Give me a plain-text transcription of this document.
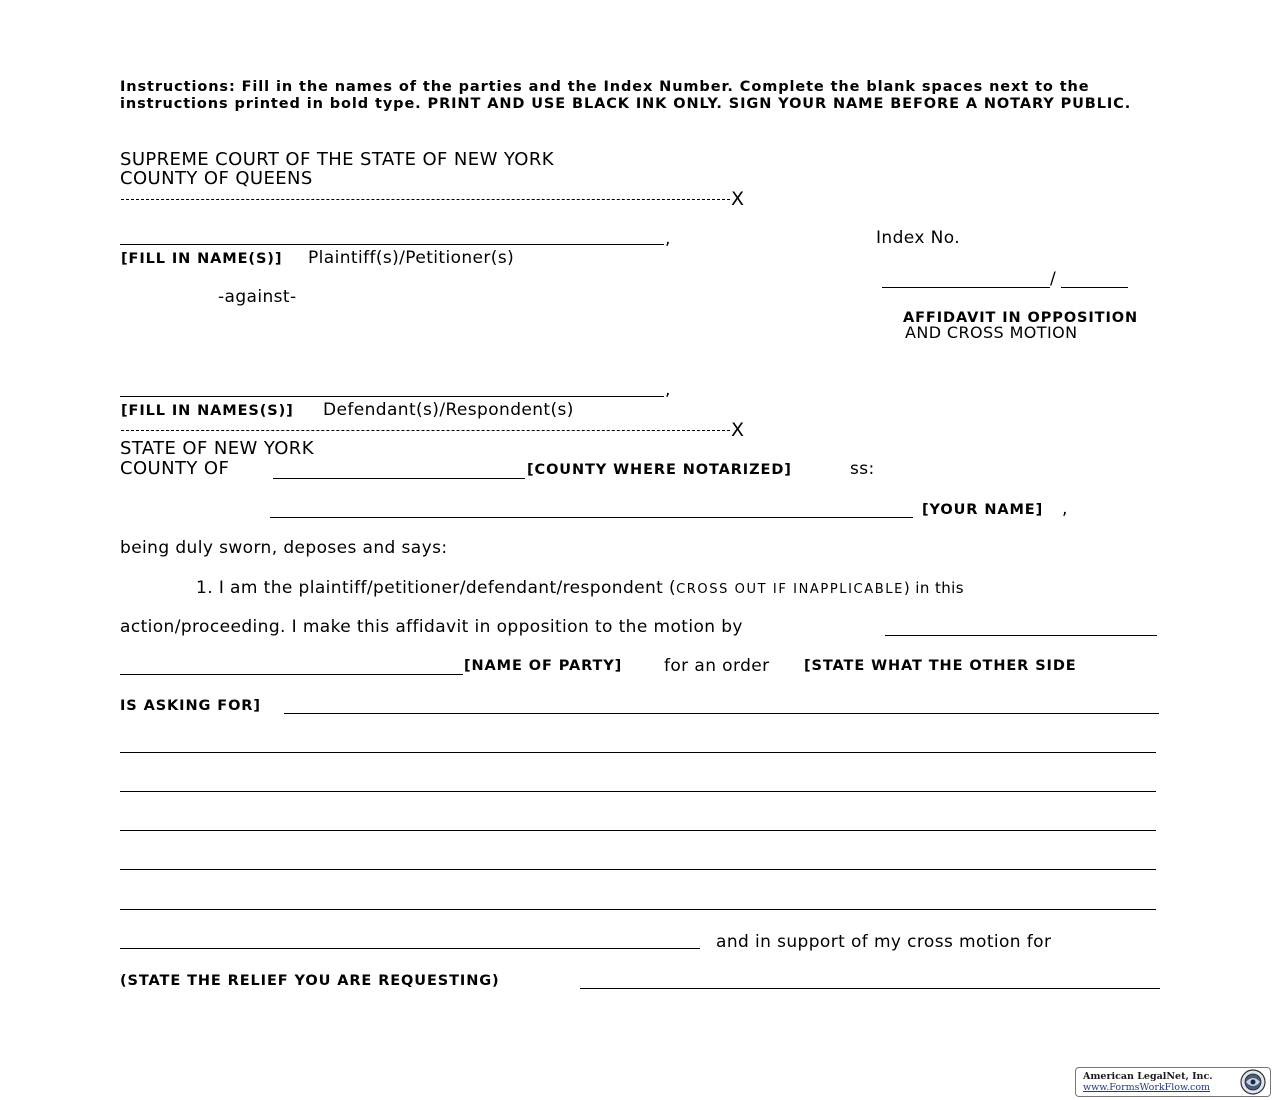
Instructions: Fill in the names of the parties and the Index Number. Complete the blank spaces next to the instructions printed in bold type. PRINT AND USE BLACK INK ONLY. SIGN YOUR NAME BEFORE A NOTARY PUBLIC.
SUPREME COURT OF THE STATE OF NEW YORK
COUNTY OF QUEENS
X
,
[FILL IN NAME(S)] Plaintiff(s)/Petitioner(s)
-against-
Index No.
/
AFFIDAVIT IN OPPOSITION
AND CROSS MOTION
,
[FILL IN NAMES(S)] Defendant(s)/Respondent(s)
X
STATE OF NEW YORK
COUNTY OF	[COUNTY WHERE NOTARIZED]	ss:
[YOUR NAME] ,
being duly sworn, deposes and says:
1. I am the plaintiff/petitioner/defendant/respondent (CROSS OUT IF INAPPLICABLE) in this
action/proceeding. I make this affidavit in opposition to the motion by
[NAME OF PARTY] for an order [STATE WHAT THE OTHER SIDE
IS ASKING FOR]
and in support of my cross motion for
(STATE THE RELIEF YOU ARE REQUESTING)
American LegalNet, Inc.
www.FormsWorkFlow.com
